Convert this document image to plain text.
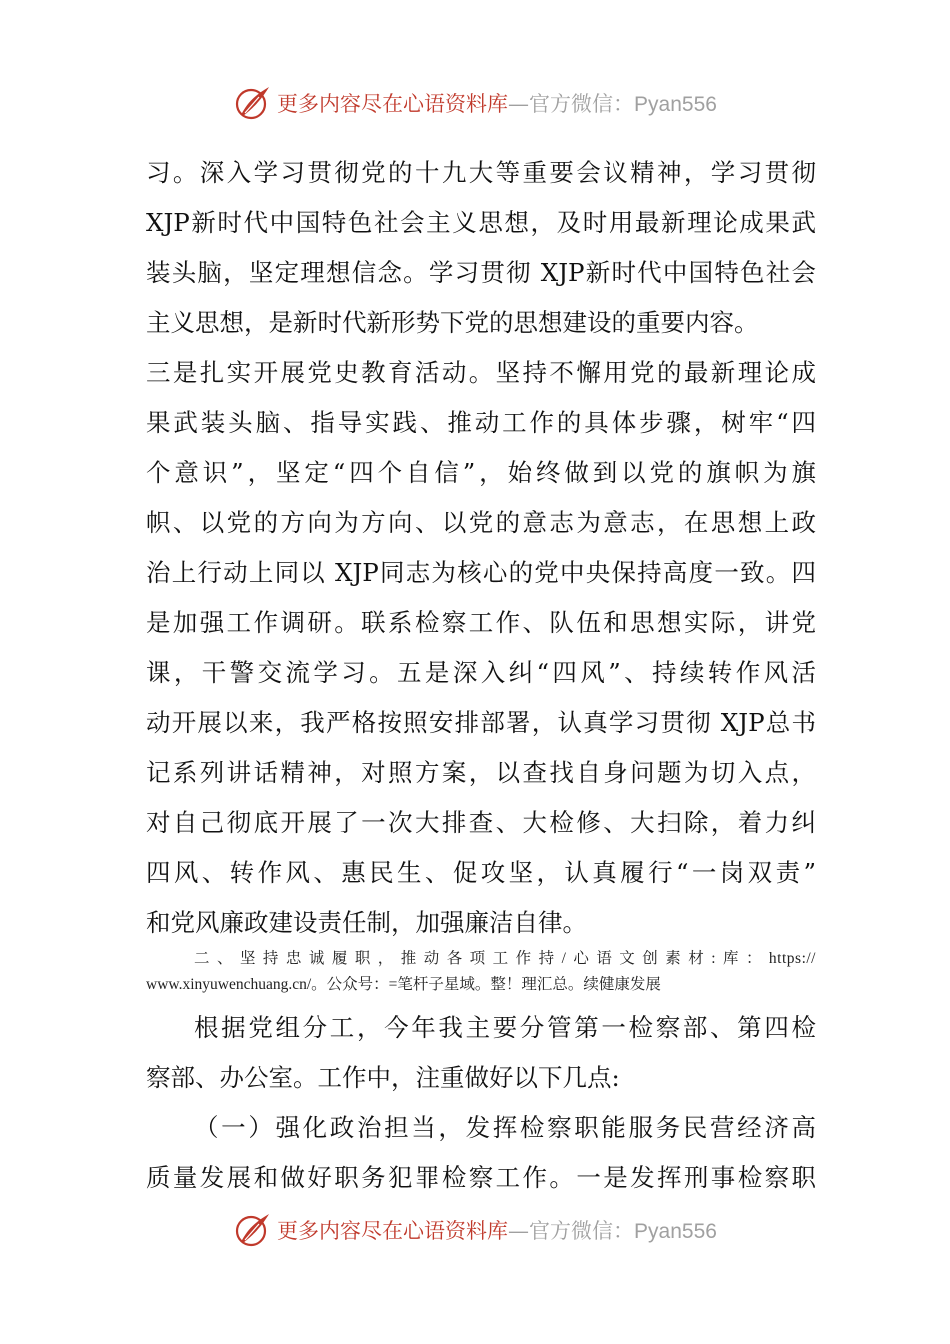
更多内容尽在心语资料库—官方微信：Pyan556
习。深入学习贯彻党的十九大等重要会议精神，学习贯彻
XJP新时代中国特色社会主义思想，及时用最新理论成果武
装头脑，坚定理想信念。学习贯彻 XJP新时代中国特色社会
主义思想，是新时代新形势下党的思想建设的重要内容。
三是扎实开展党史教育活动。坚持不懈用党的最新理论成
果武装头脑、指导实践、推动工作的具体步骤，树牢“四
个意识”，坚定“四个自信”，始终做到以党的旗帜为旗
帜、以党的方向为方向、以党的意志为意志，在思想上政
治上行动上同以 XJP同志为核心的党中央保持高度一致。四
是加强工作调研。联系检察工作、队伍和思想实际，讲党
课，干警交流学习。五是深入纠“四风”、持续转作风活
动开展以来，我严格按照安排部署，认真学习贯彻 XJP总书
记系列讲话精神，对照方案，以查找自身问题为切入点，
对自己彻底开展了一次大排查、大检修、大扫除，着力纠
四风、转作风、惠民生、促攻坚，认真履行“一岗双责”
和党风廉政建设责任制，加强廉洁自律。
二、坚持忠诚履职，推动各项工作持/心语文创素材:库：https://
www.xinyuwenchuang.cn/。公众号：=笔杆子星域。整！理汇总。续健康发展
根据党组分工，今年我主要分管第一检察部、第四检
察部、办公室。工作中，注重做好以下几点:
（一）强化政治担当，发挥检察职能服务民营经济高
质量发展和做好职务犯罪检察工作。一是发挥刑事检察职
更多内容尽在心语资料库—官方微信：Pyan556
